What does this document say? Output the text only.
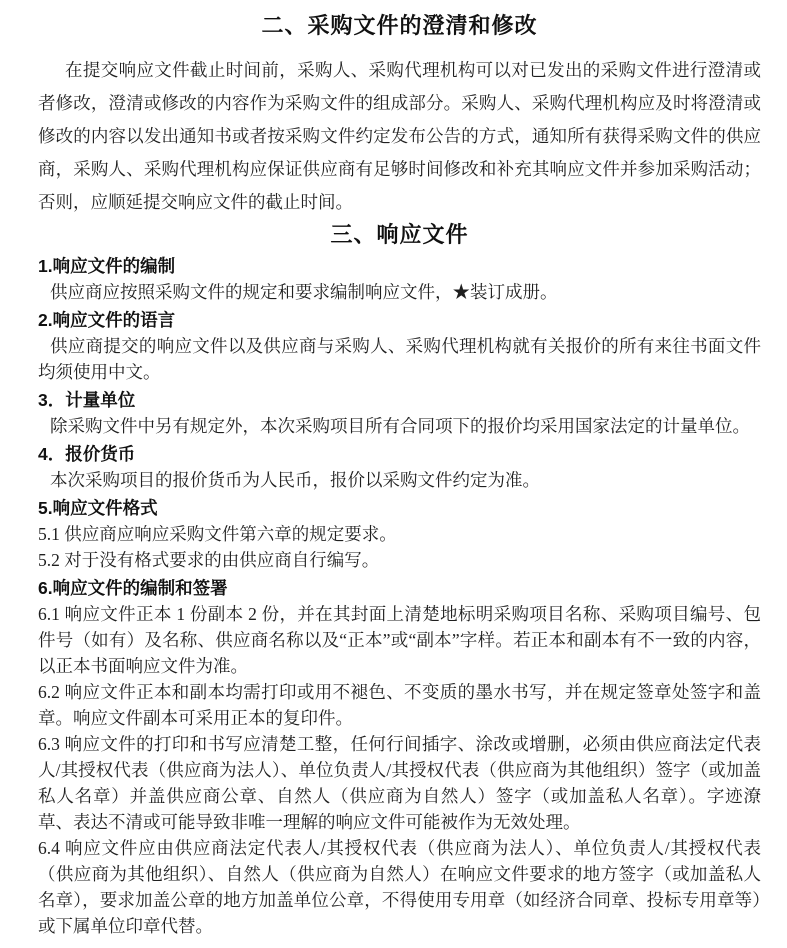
二、采购文件的澄清和修改

在提交响应文件截止时间前，采购人、采购代理机构可以对已发出的采购文件进行澄清或者修改，澄清或修改的内容作为采购文件的组成部分。采购人、采购代理机构应及时将澄清或修改的内容以发出通知书或者按采购文件约定发布公告的方式，通知所有获得采购文件的供应商，采购人、采购代理机构应保证供应商有足够时间修改和补充其响应文件并参加采购活动；否则，应顺延提交响应文件的截止时间。

三、响应文件
1.响应文件的编制

供应商应按照采购文件的规定和要求编制响应文件，★装订成册。

2.响应文件的语言

供应商提交的响应文件以及供应商与采购人、采购代理机构就有关报价的所有来往书面文件均须使用中文。

3．计量单位

除采购文件中另有规定外，本次采购项目所有合同项下的报价均采用国家法定的计量单位。

4．报价货币

本次采购项目的报价货币为人民币，报价以采购文件约定为准。

5.响应文件格式

5.1 供应商应响应采购文件第六章的规定要求。

5.2 对于没有格式要求的由供应商自行编写。

6.响应文件的编制和签署

6.1 响应文件正本 1 份副本 2 份，并在其封面上清楚地标明采购项目名称、采购项目编号、包件号（如有）及名称、供应商名称以及“正本”或“副本”字样。若正本和副本有不一致的内容，以正本书面响应文件为准。

6.2 响应文件正本和副本均需打印或用不褪色、不变质的墨水书写，并在规定签章处签字和盖章。响应文件副本可采用正本的复印件。

6.3 响应文件的打印和书写应清楚工整，任何行间插字、涂改或增删，必须由供应商法定代表人/其授权代表（供应商为法人）、单位负责人/其授权代表（供应商为其他组织）签字（或加盖私人名章）并盖供应商公章、自然人（供应商为自然人）签字（或加盖私人名章）。字迹潦草、表达不清或可能导致非唯一理解的响应文件可能被作为无效处理。

6.4 响应文件应由供应商法定代表人/其授权代表（供应商为法人）、单位负责人/其授权代表（供应商为其他组织）、自然人（供应商为自然人）在响应文件要求的地方签字（或加盖私人名章），要求加盖公章的地方加盖单位公章，不得使用专用章（如经济合同章、投标专用章等）或下属单位印章代替。
